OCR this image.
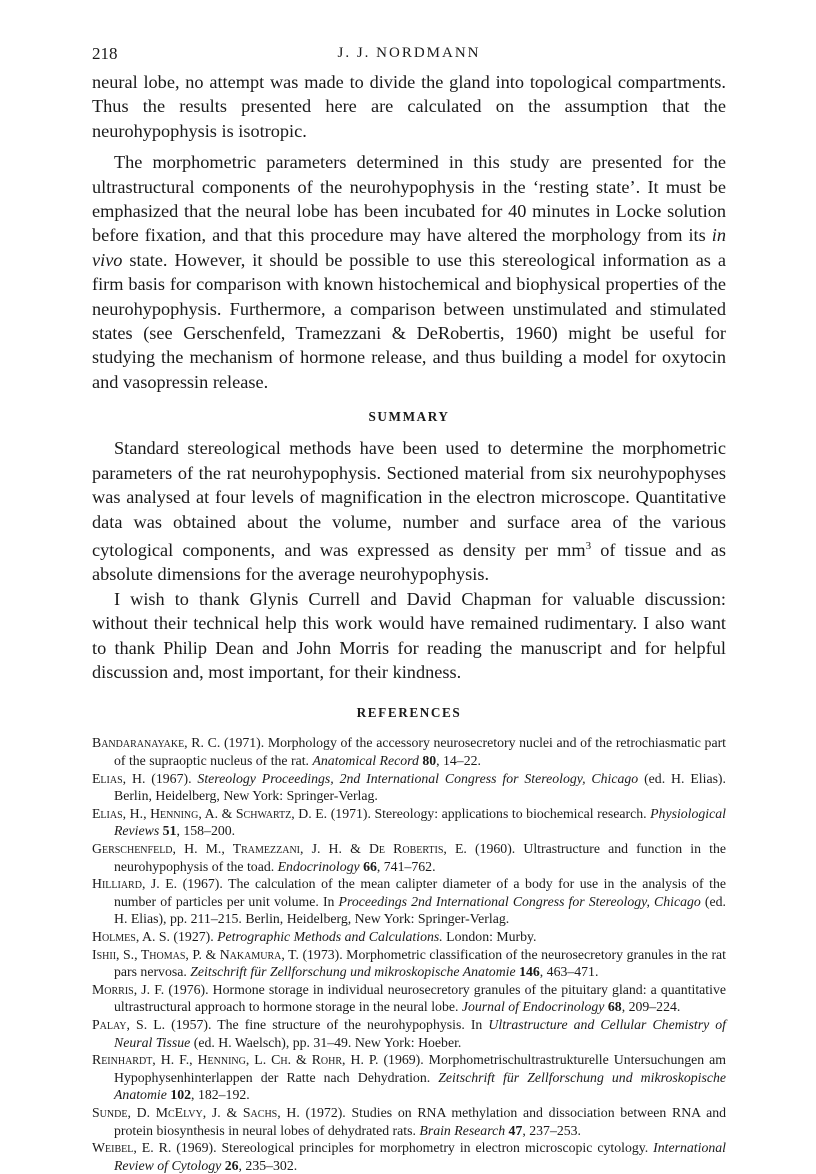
218	J. J. NORDMANN

neural lobe, no attempt was made to divide the gland into topological compartments. Thus the results presented here are calculated on the assumption that the neurohypophysis is isotropic.

The morphometric parameters determined in this study are presented for the ultrastructural components of the neurohypophysis in the ‘resting state’. It must be emphasized that the neural lobe has been incubated for 40 minutes in Locke solution before fixation, and that this procedure may have altered the morphology from its in vivo state. However, it should be possible to use this stereological information as a firm basis for comparison with known histochemical and biophysical properties of the neurohypophysis. Furthermore, a comparison between unstimulated and stimulated states (see Gerschenfeld, Tramezzani & DeRobertis, 1960) might be useful for studying the mechanism of hormone release, and thus building a model for oxytocin and vasopressin release.

SUMMARY

Standard stereological methods have been used to determine the morphometric parameters of the rat neurohypophysis. Sectioned material from six neurohypophyses was analysed at four levels of magnification in the electron microscope. Quantitative data was obtained about the volume, number and surface area of the various cytological components, and was expressed as density per $mm^3$ of tissue and as absolute dimensions for the average neurohypophysis.

I wish to thank Glynis Currell and David Chapman for valuable discussion: without their technical help this work would have remained rudimentary. I also want to thank Philip Dean and John Morris for reading the manuscript and for helpful discussion and, most important, for their kindness.

REFERENCES

Bandaranayake, R. C. (1971). Morphology of the accessory neurosecretory nuclei and of the retrochiasmatic part of the supraoptic nucleus of the rat. Anatomical Record 80, 14–22.

Elias, H. (1967). Stereology Proceedings, 2nd International Congress for Stereology, Chicago (ed. H. Elias). Berlin, Heidelberg, New York: Springer-Verlag.

Elias, H., Henning, A. & Schwartz, D. E. (1971). Stereology: applications to biochemical research. Physiological Reviews 51, 158–200.

Gerschenfeld, H. M., Tramezzani, J. H. & De Robertis, E. (1960). Ultrastructure and function in the neurohypophysis of the toad. Endocrinology 66, 741–762.

Hilliard, J. E. (1967). The calculation of the mean calipter diameter of a body for use in the analysis of the number of particles per unit volume. In Proceedings 2nd International Congress for Stereology, Chicago (ed. H. Elias), pp. 211–215. Berlin, Heidelberg, New York: Springer-Verlag.

Holmes, A. S. (1927). Petrographic Methods and Calculations. London: Murby.

Ishii, S., Thomas, P. & Nakamura, T. (1973). Morphometric classification of the neurosecretory granules in the rat pars nervosa. Zeitschrift für Zellforschung und mikroskopische Anatomie 146, 463–471.

Morris, J. F. (1976). Hormone storage in individual neurosecretory granules of the pituitary gland: a quantitative ultrastructural approach to hormone storage in the neural lobe. Journal of Endocrinology 68, 209–224.

Palay, S. L. (1957). The fine structure of the neurohypophysis. In Ultrastructure and Cellular Chemistry of Neural Tissue (ed. H. Waelsch), pp. 31–49. New York: Hoeber.

Reinhardt, H. F., Henning, L. Ch. & Rohr, H. P. (1969). Morphometrischultrastrukturelle Untersuchungen am Hypophysenhinterlappen der Ratte nach Dehydration. Zeitschrift für Zellforschung und mikroskopische Anatomie 102, 182–192.

Sunde, D. McElvy, J. & Sachs, H. (1972). Studies on RNA methylation and dissociation between RNA and protein biosynthesis in neural lobes of dehydrated rats. Brain Research 47, 237–253.

Weibel, E. R. (1969). Stereological principles for morphometry in electron microscopic cytology. International Review of Cytology 26, 235–302.
